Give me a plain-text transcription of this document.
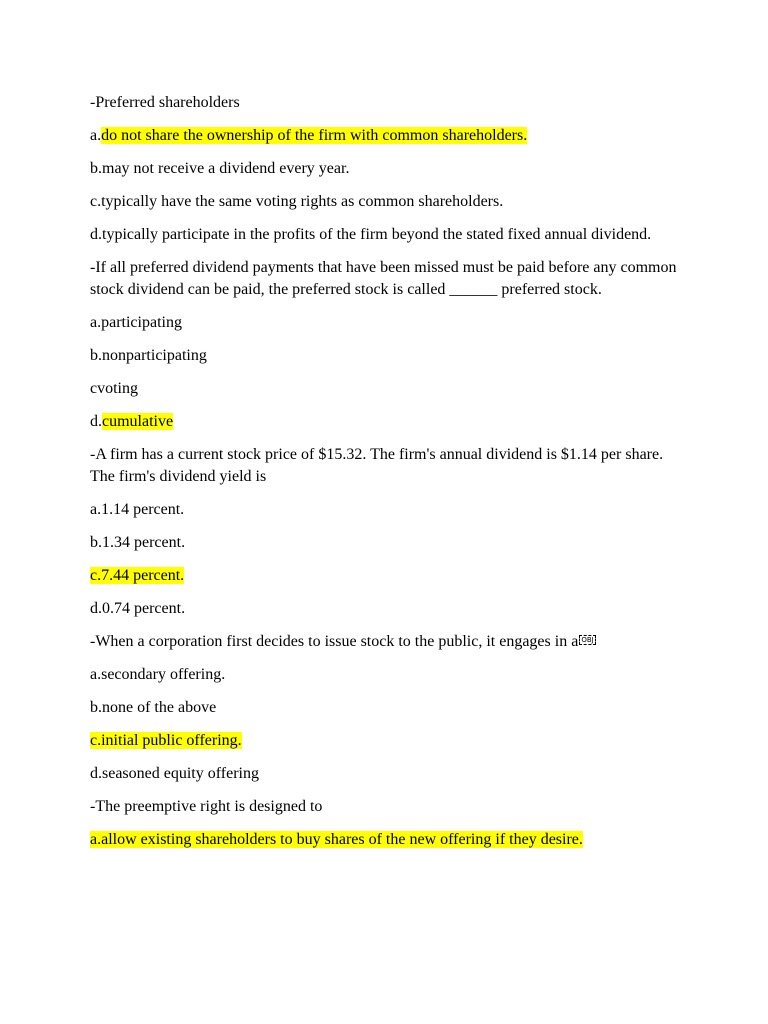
-Preferred shareholders

a.do not share the ownership of the firm with common shareholders.

b.may not receive a dividend every year.

c.typically have the same voting rights as common shareholders.

d.typically participate in the profits of the firm beyond the stated fixed annual dividend.

-If all preferred dividend payments that have been missed must be paid before any common stock dividend can be paid, the preferred stock is called ______ preferred stock.

a.participating

b.nonparticipating

cvoting

d.cumulative

-A firm has a current stock price of $15.32. The firm's annual dividend is $1.14 per share. The firm's dividend yield is

a.1.14 percent.

b.1.34 percent.

c.7.44 percent.

d.0.74 percent.

-When a corporation first decides to issue stock to the public, it engages in a OBJ

a.secondary offering.

b.none of the above

c.initial public offering.

d.seasoned equity offering

-The preemptive right is designed to

a.allow existing shareholders to buy shares of the new offering if they desire.
